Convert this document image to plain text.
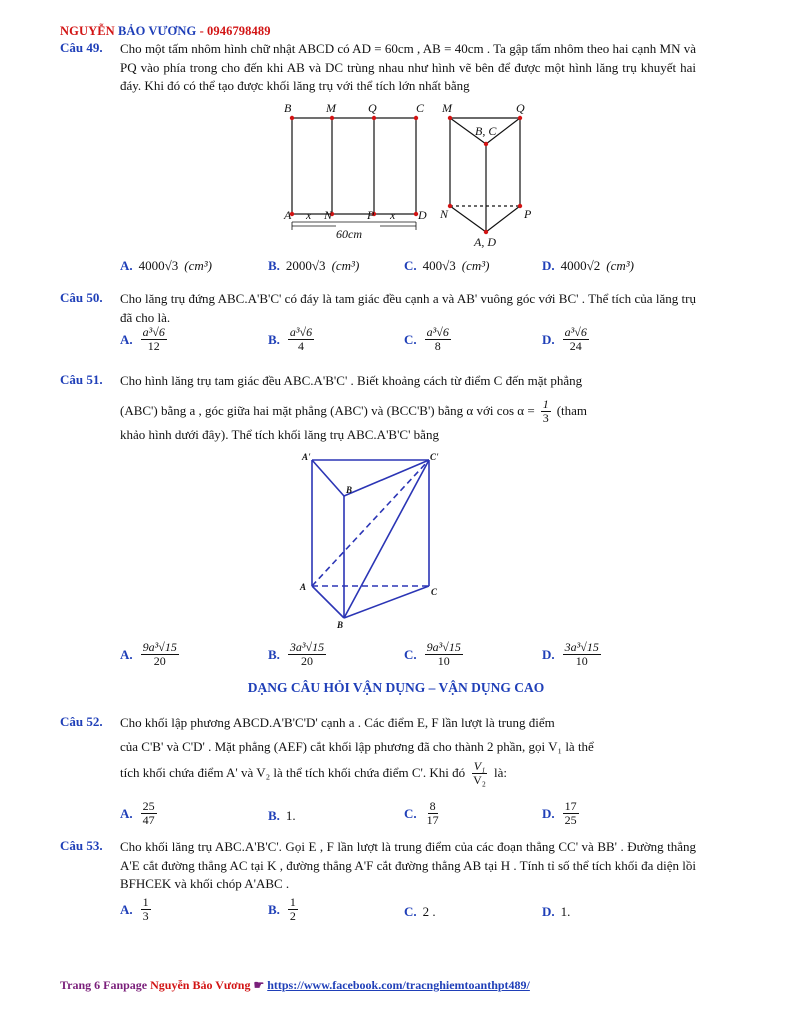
NGUYỄN BẢO VƯƠNG - 0946798489
Câu 49. Cho một tấm nhôm hình chữ nhật ABCD có AD = 60cm , AB = 40cm . Ta gập tấm nhôm theo hai cạnh MN và PQ vào phía trong cho đến khi AB và DC trùng nhau như hình vẽ bên để được một hình lăng trụ khuyết hai đáy. Khi đó có thể tạo được khối lăng trụ với thể tích lớn nhất bằng
B	M	Q	C
A x N	P x D
60cm
M	Q
B, C
N	P
A, D
A. 4000√3 (cm³)	B. 2000√3 (cm³)	C. 400√3 (cm³)	D. 4000√2 (cm³)
Câu 50. Cho lăng trụ đứng ABC.A'B'C' có đáy là tam giác đều cạnh a và AB' vuông góc với BC' . Thể tích của lăng trụ đã cho là.
A. $\frac{\text{a³√6}}{12}$	B. $\frac{\text{a³√6}}{4}$	C. $\frac{\text{a³√6}}{8}$	D. $\frac{\text{a³√6}}{24}$
Câu 51. Cho hình lăng trụ tam giác đều ABC.A'B'C' . Biết khoảng cách từ điểm C đến mặt phẳng
(ABC') bằng a , góc giữa hai mặt phẳng (ABC') và (BCC'B') bằng α với $\cos \alpha = \frac{1}{3}$ (tham
khảo hình dưới đây). Thể tích khối lăng trụ ABC.A'B'C' bằng
A'	C'
B
A	C
B
A. $\frac{\text{9a³√15}}{20}$	B. $\frac{\text{3a³√15}}{20}$	C. $\frac{\text{9a³√15}}{10}$	D. $\frac{\text{3a³√15}}{10}$
DẠNG CÂU HỎI VẬN DỤNG – VẬN DỤNG CAO
Câu 52. Cho khối lập phương ABCD.A'B'C'D' cạnh a . Các điểm E, F lần lượt là trung điểm
của C'B' và C'D' . Mặt phẳng (AEF) cắt khối lập phương đã cho thành 2 phần, gọi V₁ là thể
tích khối chứa điểm A' và V₂ là thể tích khối chứa điểm C'. Khi đó $\frac{\text{V₁}}{\text{V₂}}$ là:
A. $\frac{25}{47}$	B. 1.	C. $\frac{8}{17}$	D. $\frac{17}{25}$
Câu 53. Cho khối lăng trụ ABC.A'B'C'. Gọi E , F lần lượt là trung điểm của các đoạn thẳng CC' và BB' . Đường thẳng A'E cắt đường thẳng AC tại K , đường thẳng A'F cắt đường thẳng AB tại H . Tính tỉ số thể tích khối đa diện lồi BFHCEK và khối chóp A'ABC .
A. $\frac{1}{3}$	B. $\frac{1}{2}$	C. 2 .	D. 1.
Trang 6 Fanpage Nguyễn Bảo Vương ☛ https://www.facebook.com/tracnghiemtoanthpt489/
